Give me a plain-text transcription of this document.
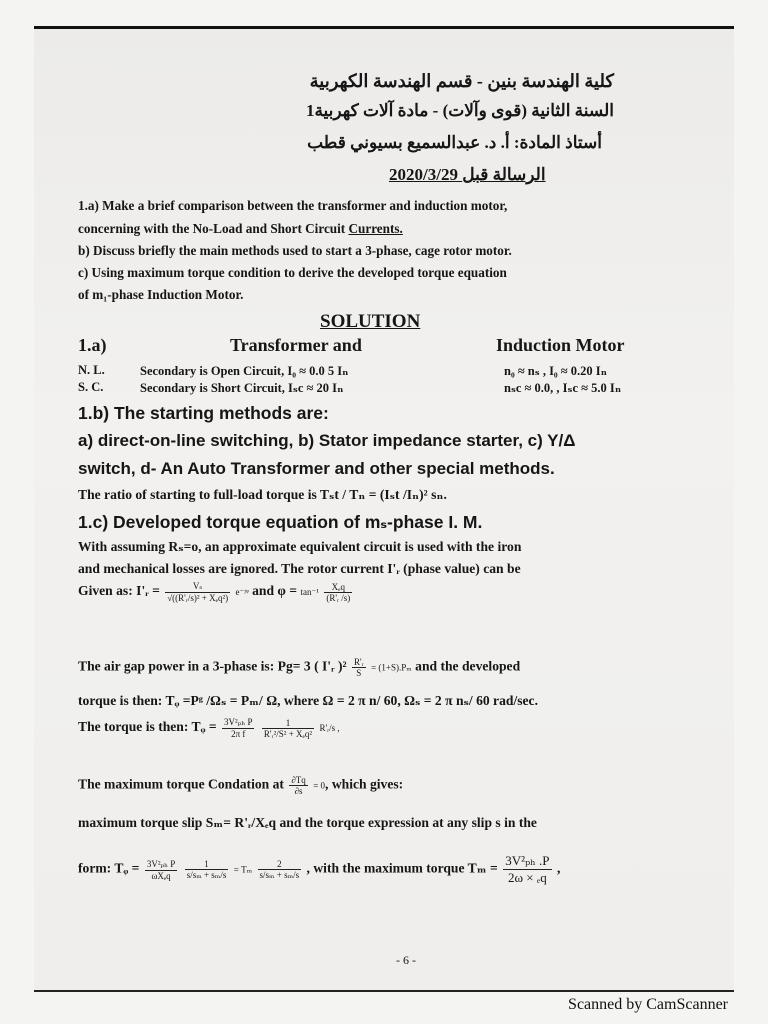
كلية الهندسة بنين - قسم الهندسة الكهربية
السنة الثانية (قوى وآلات) - مادة آلات كهربية1
أستاذ المادة: أ. د. عبدالسميع بسيوني قطب
2020/3/29 الرسالة قبل
1.a) Make a brief comparison between the transformer and induction motor,
concerning with the No-Load and Short Circuit Currents.
b) Discuss briefly the main methods used to start a 3-phase, cage rotor motor.
c) Using maximum torque condition to derive the developed torque equation
of m₁-phase Induction Motor.
SOLUTION
1.a)	Transformer and	Induction Motor
N. L.	Secondary is Open Circuit, I₀ ≈ 0.0 5 Iₙ	n₀ ≈ nₛ , I₀ ≈ 0.20 Iₙ
S. C.	Secondary is Short Circuit, Iₛc ≈ 20 Iₙ	nₛc ≈ 0.0, , Iₛc ≈ 5.0 Iₙ
1.b) The starting methods are:
a) direct-on-line switching, b) Stator impedance starter, c) Y/Δ
switch, d- An Auto Transformer and other special methods.
The ratio of starting to full-load torque is Tₛt / Tₙ = (Iₛt /Iₙ)² sₙ.
1.c) Developed torque equation of mₛ-phase I. M.
With assuming Rₛ=o, an approximate equivalent circuit is used with the iron
and mechanical losses are ignored. The rotor current I'ᵣ (phase value) can be
Given as: I'ᵣ = $\frac{\text{Vₛ}}{\text{√((R'ᵣ/s)² + Xₑq²)}}$ e⁻ʲᵠ and $\varphi = \tan^{-1} \frac{\text{Xₑq}}{\text{(R'ᵣ /s)}}$
The air gap power in a 3-phase is: Pg= 3 ( I'ᵣ )$^2 \frac{\text{R'ᵣ}}{S} = (1+S).P_m$ and the developed
torque is then: Tᵩ =Pᵍ /Ωₛ = Pₘ/ Ω, where Ω = 2 π n/ 60, Ωₛ = 2 π nₛ/ 60 rad/sec.
The torque is then: Tᵩ = $\frac{\text{3V²ₚₕ P}}{\text{2π f}}$
$\frac{1}{\text{R'ᵣ²/S² + Xₑq²}}$ R'ᵣ/s ,
The maximum torque Condation at $\frac{\partial Tq}{\partial s} = 0$, which gives:
maximum torque slip Sₘ= R'ᵣ/Xₑq and the torque expression at any slip s in the
form: Tᵩ = $\frac{\text{3V²ₚₕ P}}{\text{ωXₑq}}$
$\frac{1}{\text{s/sₘ + sₘ/s}} = T_m \frac{2}{\text{s/sₘ + sₘ/s}}$ , with the maximum torque $T_m = \frac{\text{3V²ₚₕ .P}}{\text{2ω × ₑq}}$ ,
- 6 -
Scanned by CamScanner
